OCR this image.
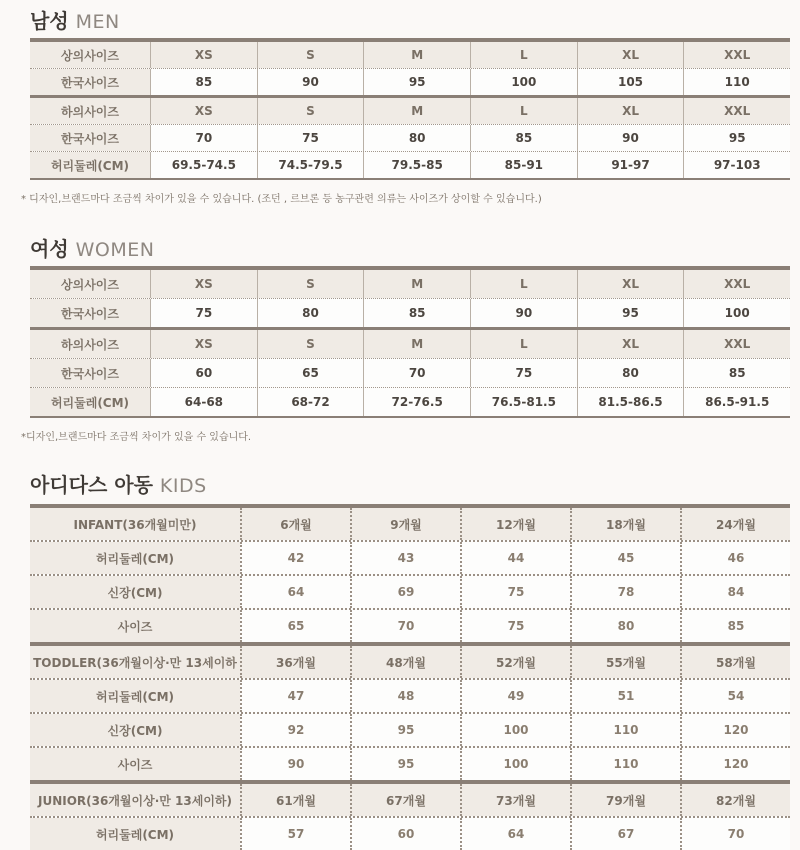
남성 MEN
상의사이즈	XS	S	M	L	XL	XXL
한국사이즈	85	90	95	100	105	110
하의사이즈	XS	S	M	L	XL	XXL
한국사이즈	70	75	80	85	90	95
허리둘레(CM)	69.5-74.5	74.5-79.5	79.5-85	85-91	91-97	97-103
* 디자인,브랜드마다 조금씩 차이가 있을 수 있습니다. (조던 , 르브론 등 농구관련 의류는 사이즈가 상이할 수 있습니다.)
여성 WOMEN
상의사이즈	XS	S	M	L	XL	XXL
한국사이즈	75	80	85	90	95	100
하의사이즈	XS	S	M	L	XL	XXL
한국사이즈	60	65	70	75	80	85
허리둘레(CM)	64-68	68-72	72-76.5	76.5-81.5	81.5-86.5	86.5-91.5
*디자인,브랜드마다 조금씩 차이가 있을 수 있습니다.
아디다스 아동 KIDS
INFANT(36개월미만)	6개월	9개월	12개월	18개월	24개월
허리둘레(CM)	42	43	44	45	46
신장(CM)	64	69	75	78	84
사이즈	65	70	75	80	85
TODDLER(36개월이상·만 13세이하	36개월	48개월	52개월	55개월	58개월
허리둘레(CM)	47	48	49	51	54
신장(CM)	92	95	100	110	120
사이즈	90	95	100	110	120
JUNIOR(36개월이상·만 13세이하)	61개월	67개월	73개월	79개월	82개월
허리둘레(CM)	57	60	64	67	70
